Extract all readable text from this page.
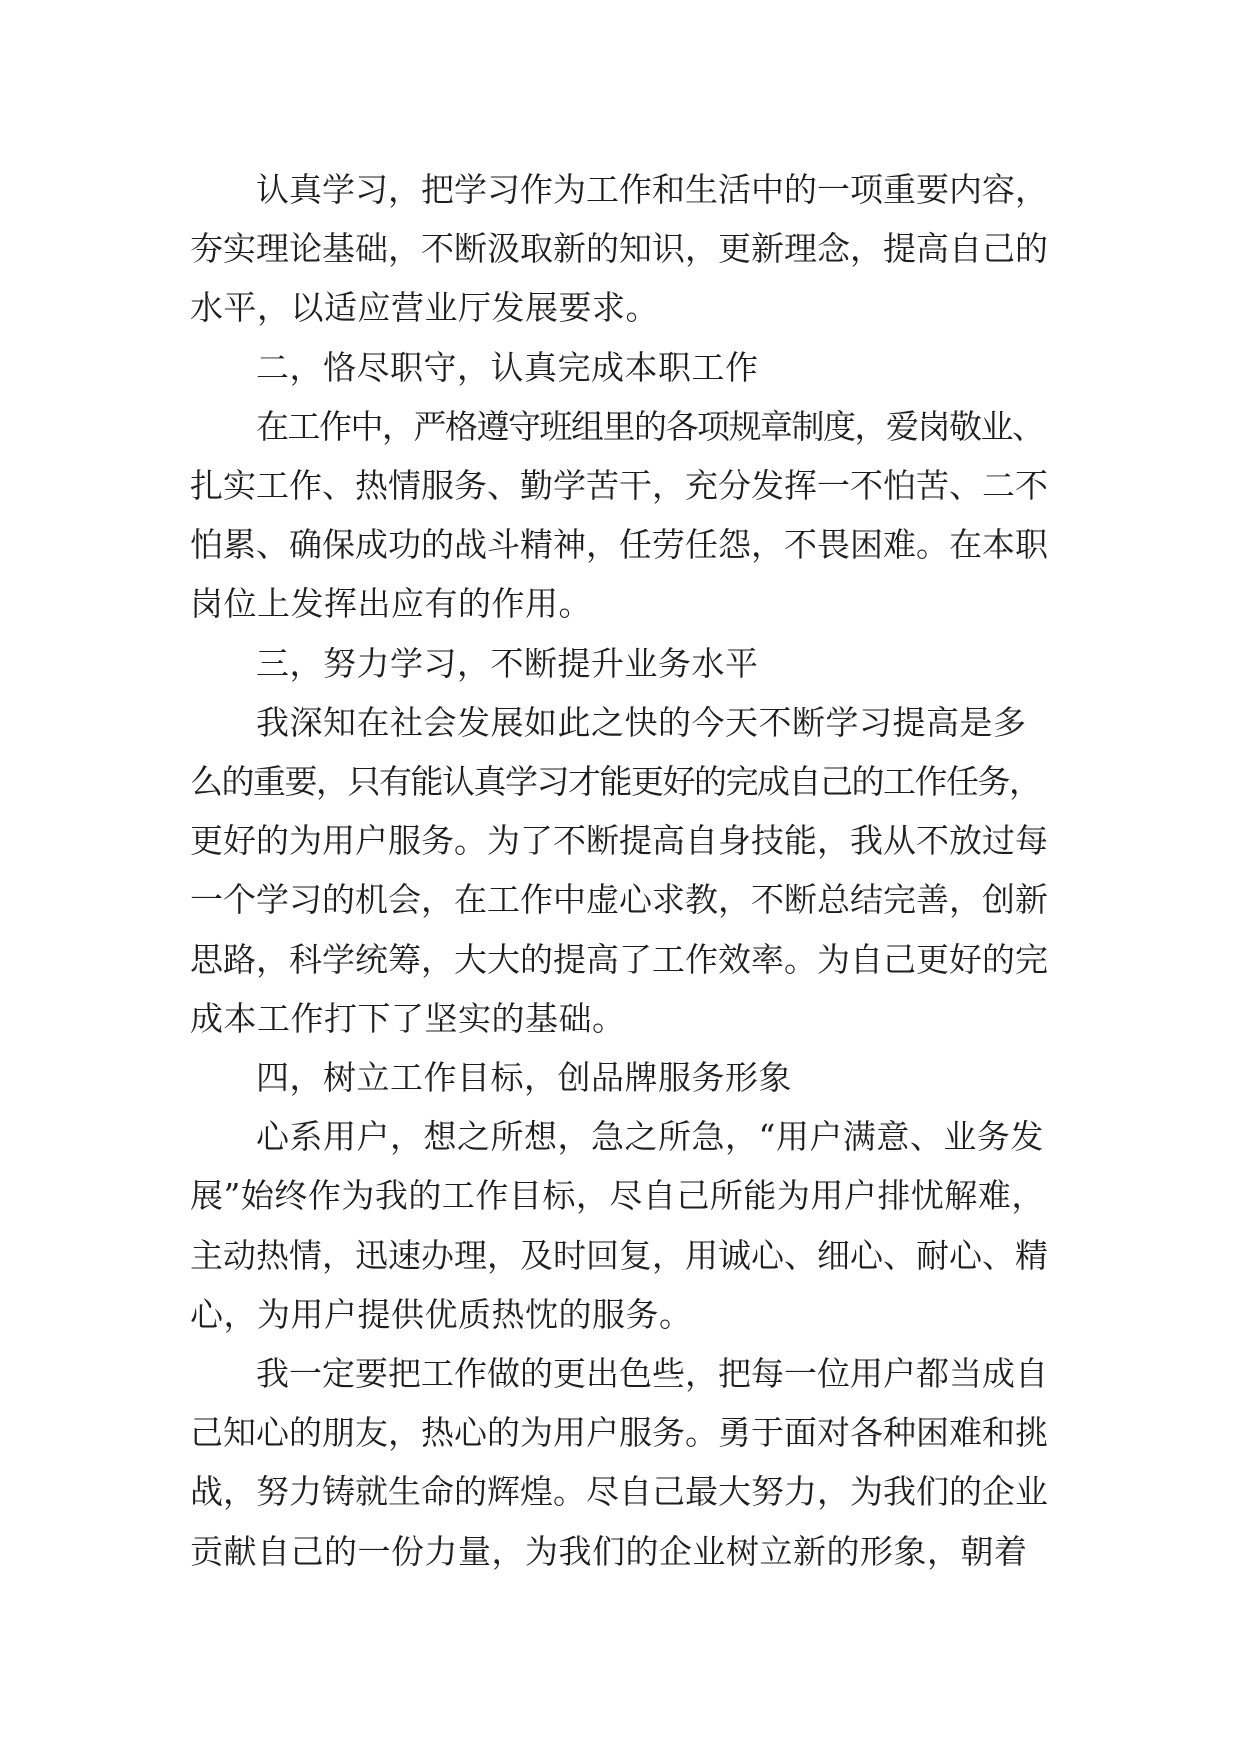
认真学习，把学习作为工作和生活中的一项重要内容，
夯实理论基础，不断汲取新的知识，更新理念，提高自己的
水平，以适应营业厅发展要求。
二，恪尽职守，认真完成本职工作
在工作中，严格遵守班组里的各项规章制度，爱岗敬业、
扎实工作、热情服务、勤学苦干，充分发挥一不怕苦、二不
怕累、确保成功的战斗精神，任劳任怨，不畏困难。在本职
岗位上发挥出应有的作用。
三，努力学习，不断提升业务水平
我深知在社会发展如此之快的今天不断学习提高是多
么的重要，只有能认真学习才能更好的完成自己的工作任务，
更好的为用户服务。为了不断提高自身技能，我从不放过每
一个学习的机会，在工作中虚心求教，不断总结完善，创新
思路，科学统筹，大大的提高了工作效率。为自己更好的完
成本工作打下了坚实的基础。
四，树立工作目标，创品牌服务形象
心系用户，想之所想，急之所急，“用户满意、业务发
展”始终作为我的工作目标，尽自己所能为用户排忧解难，
主动热情，迅速办理，及时回复，用诚心、细心、耐心、精
心，为用户提供优质热忱的服务。
我一定要把工作做的更出色些，把每一位用户都当成自
己知心的朋友，热心的为用户服务。勇于面对各种困难和挑
战，努力铸就生命的辉煌。尽自己最大努力，为我们的企业
贡献自己的一份力量，为我们的企业树立新的形象，朝着
